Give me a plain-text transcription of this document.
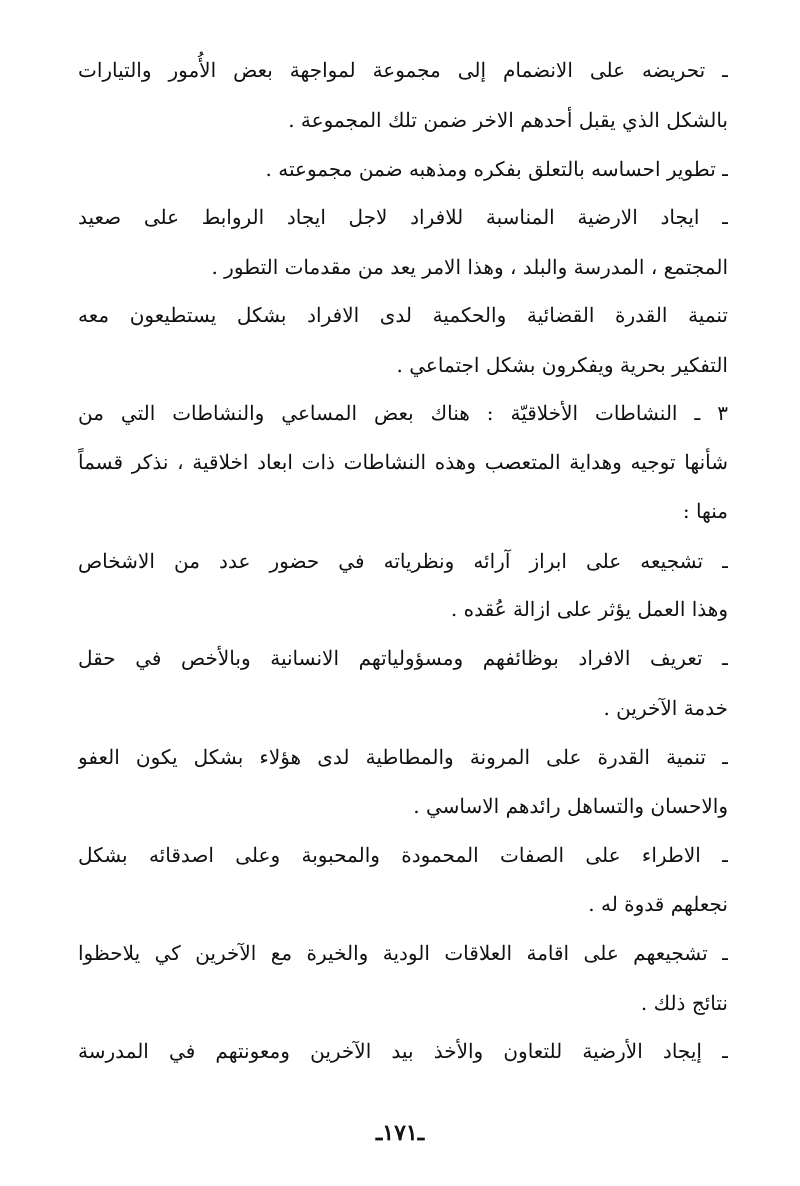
ـ تحريضه على الانضمام إلى مجموعة لمواجهة بعض الأُمور والتيارات
بالشكل الذي يقبل أحدهم الاخر ضمن تلك المجموعة .
ـ تطوير احساسه بالتعلق بفكره ومذهبه ضمن مجموعته .
ـ ايجاد الارضية المناسبة للافراد لاجل ايجاد الروابط على صعيد
المجتمع ، المدرسة والبلد ، وهذا الامر يعد من مقدمات التطور .
تنمية القدرة القضائية والحكمية لدى الافراد بشكل يستطيعون معه
التفكير بحرية ويفكرون بشكل اجتماعي .
٣ ـ النشاطات الأخلاقيّة : هناك بعض المساعي والنشاطات التي من
شأنها توجيه وهداية المتعصب وهذه النشاطات ذات ابعاد اخلاقية ، نذكر قسماً
منها :
ـ تشجيعه على ابراز آرائه ونظرياته في حضور عدد من الاشخاص
وهذا العمل يؤثر على ازالة عُقده .
ـ تعريف الافراد بوظائفهم ومسؤولياتهم الانسانية وبالأخص في حقل
خدمة الآخرين .
ـ تنمية القدرة على المرونة والمطاطية لدى هؤلاء بشكل يكون العفو
والاحسان والتساهل رائدهم الاساسي .
ـ الاطراء على الصفات المحمودة والمحبوبة وعلى اصدقائه بشكل
نجعلهم قدوة له .
ـ تشجيعهم على اقامة العلاقات الودية والخيرة مع الآخرين كي يلاحظوا
نتائج ذلك .
ـ إيجاد الأرضية للتعاون والأخذ بيد الآخرين ومعونتهم في المدرسة
ـ١٧١ـ
